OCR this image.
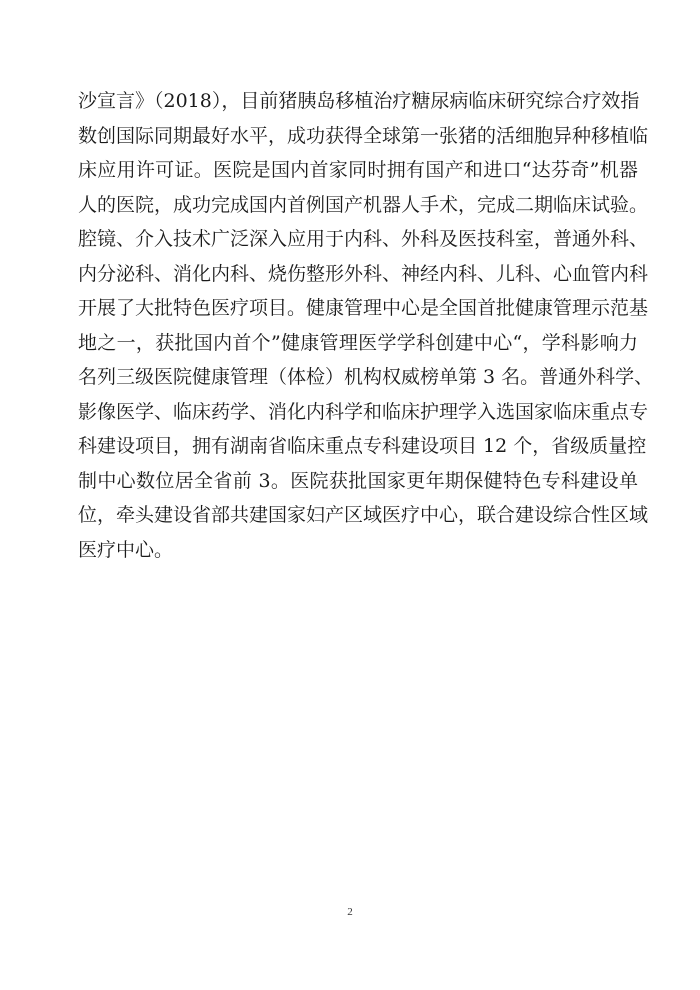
沙宣言》（2018），目前猪胰岛移植治疗糖尿病临床研究综合疗效指
数创国际同期最好水平，成功获得全球第一张猪的活细胞异种移植临
床应用许可证。医院是国内首家同时拥有国产和进口“达芬奇”机器
人的医院，成功完成国内首例国产机器人手术，完成二期临床试验。
腔镜、介入技术广泛深入应用于内科、外科及医技科室，普通外科、
内分泌科、消化内科、烧伤整形外科、神经内科、儿科、心血管内科
开展了大批特色医疗项目。健康管理中心是全国首批健康管理示范基
地之一，获批国内首个”健康管理医学学科创建中心“，学科影响力
名列三级医院健康管理（体检）机构权威榜单第 3 名。普通外科学、
影像医学、临床药学、消化内科学和临床护理学入选国家临床重点专
科建设项目，拥有湖南省临床重点专科建设项目 12 个，省级质量控
制中心数位居全省前 3。医院获批国家更年期保健特色专科建设单
位，牵头建设省部共建国家妇产区域医疗中心，联合建设综合性区域
医疗中心。
2
